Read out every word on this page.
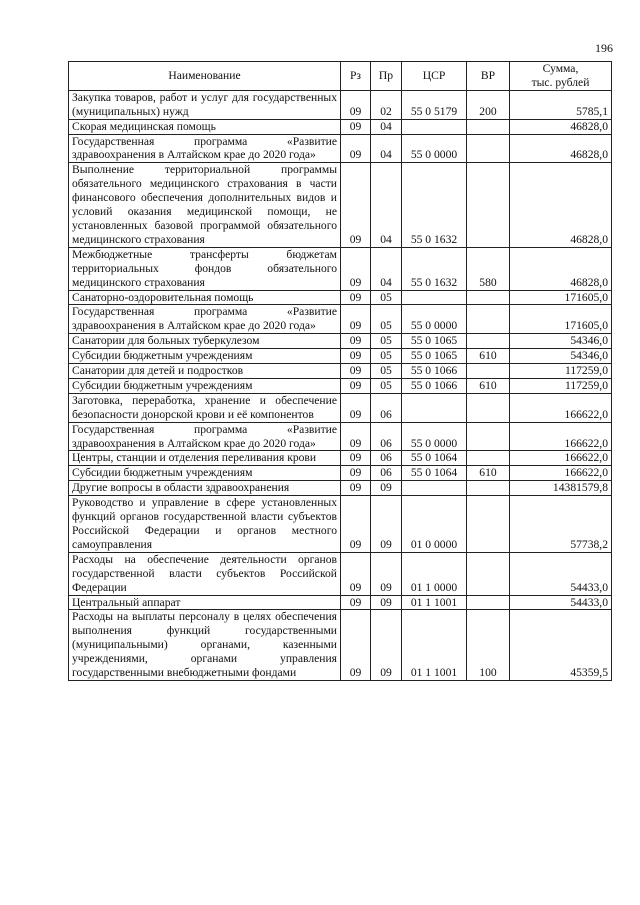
196
Наименование	Рз	Пр	ЦСР	ВР	Сумма,
тыс. рублей

Закупка товаров, работ и услуг для государственных (муниципальных) нужд	09	02	55 0 5179	200	5785,1
Скорая медицинская помощь	09	04			46828,0
Государственная программа «Развитие здравоохранения в Алтайском крае до 2020 года»	09	04	55 0 0000		46828,0
Выполнение территориальной программы обязательного медицинского страхования в части финансового обеспечения дополнительных видов и условий оказания медицинской помощи, не установленных базовой программой обязательного медицинского страхования	09	04	55 0 1632		46828,0
Межбюджетные трансферты бюджетам территориальных фондов обязательного медицинского страхования	09	04	55 0 1632	580	46828,0
Санаторно-оздоровительная помощь	09	05			171605,0
Государственная программа «Развитие здравоохранения в Алтайском крае до 2020 года»	09	05	55 0 0000		171605,0
Санатории для больных туберкулезом	09	05	55 0 1065		54346,0
Субсидии бюджетным учреждениям	09	05	55 0 1065	610	54346,0
Санатории для детей и подростков	09	05	55 0 1066		117259,0
Субсидии бюджетным учреждениям	09	05	55 0 1066	610	117259,0
Заготовка, переработка, хранение и обеспечение безопасности донорской крови и её компонентов	09	06			166622,0
Государственная программа «Развитие здравоохранения в Алтайском крае до 2020 года»	09	06	55 0 0000		166622,0
Центры, станции и отделения переливания крови	09	06	55 0 1064		166622,0
Субсидии бюджетным учреждениям	09	06	55 0 1064	610	166622,0
Другие вопросы в области здравоохранения	09	09			14381579,8
Руководство и управление в сфере установленных функций органов государственной власти субъектов Российской Федерации и органов местного самоуправления	09	09	01 0 0000		57738,2
Расходы на обеспечение деятельности органов государственной власти субъектов Российской Федерации	09	09	01 1 0000		54433,0
Центральный аппарат	09	09	01 1 1001		54433,0
Расходы на выплаты персоналу в целях обеспечения выполнения функций государственными (муниципальными) органами, казенными учреждениями, органами управления государственными внебюджетными фондами	09	09	01 1 1001	100	45359,5
